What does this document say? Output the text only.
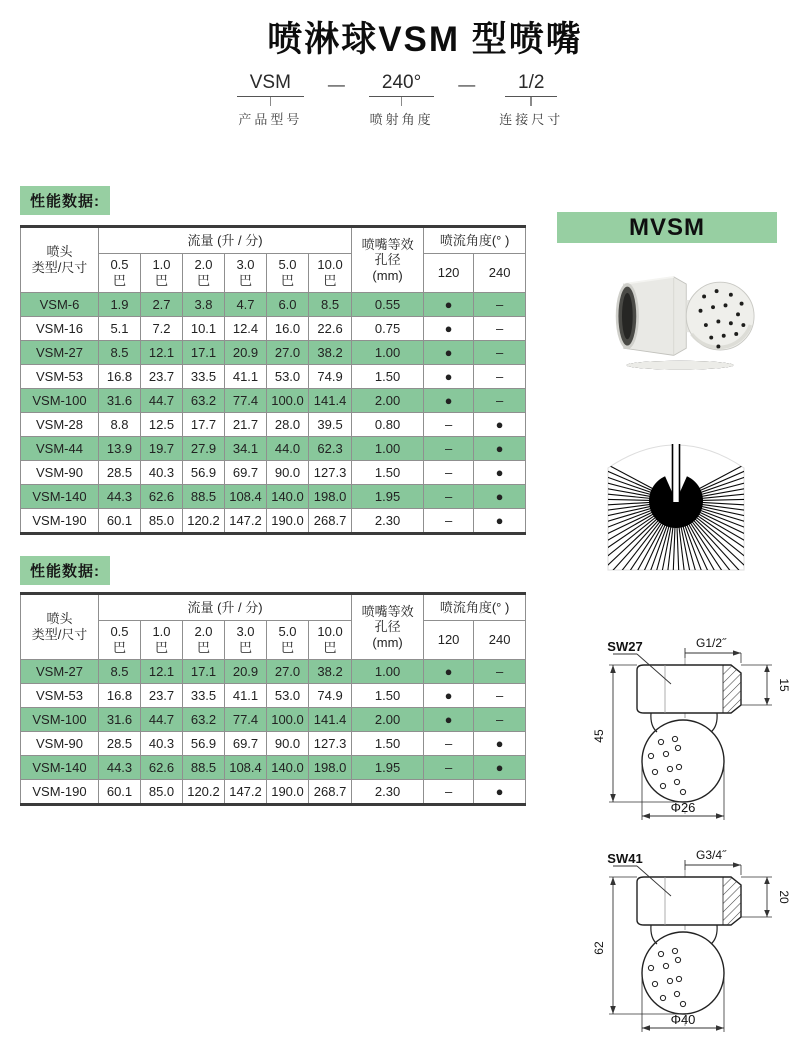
喷淋球VSM 型喷嘴
VSM
产品型号
—	240°
喷射角度
—	1/2
连接尺寸
性能数据:
喷头
类型/尺寸	流量 (升 / 分)						喷嘴等效
孔径
(mm)	喷流角度(° )	
	0.5
巴	1.0
巴	2.0
巴	3.0
巴	5.0
巴	10.0
巴		120	240
VSM-6	1.9	2.7	3.8	4.7	6.0	8.5	0.55	●	–
VSM-16	5.1	7.2	10.1	12.4	16.0	22.6	0.75	●	–
VSM-27	8.5	12.1	17.1	20.9	27.0	38.2	1.00	●	–
VSM-53	16.8	23.7	33.5	41.1	53.0	74.9	1.50	●	–
VSM-100	31.6	44.7	63.2	77.4	100.0	141.4	2.00	●	–
VSM-28	8.8	12.5	17.7	21.7	28.0	39.5	0.80	–	●
VSM-44	13.9	19.7	27.9	34.1	44.0	62.3	1.00	–	●
VSM-90	28.5	40.3	56.9	69.7	90.0	127.3	1.50	–	●
VSM-140	44.3	62.6	88.5	108.4	140.0	198.0	1.95	–	●
VSM-190	60.1	85.0	120.2	147.2	190.0	268.7	2.30	–	●
性能数据:
喷头
类型/尺寸	流量 (升 / 分)						喷嘴等效
孔径
(mm)	喷流角度(° )	
	0.5
巴	1.0
巴	2.0
巴	3.0
巴	5.0
巴	10.0
巴		120	240
VSM-27	8.5	12.1	17.1	20.9	27.0	38.2	1.00	●	–
VSM-53	16.8	23.7	33.5	41.1	53.0	74.9	1.50	●	–
VSM-100	31.6	44.7	63.2	77.4	100.0	141.4	2.00	●	–
VSM-90	28.5	40.3	56.9	69.7	90.0	127.3	1.50	–	●
VSM-140	44.3	62.6	88.5	108.4	140.0	198.0	1.95	–	●
VSM-190	60.1	85.0	120.2	147.2	190.0	268.7	2.30	–	●
MVSM
SW27	G1/2˝
45
15
Φ26
SW41	G3/4˝
62
20
Φ40
